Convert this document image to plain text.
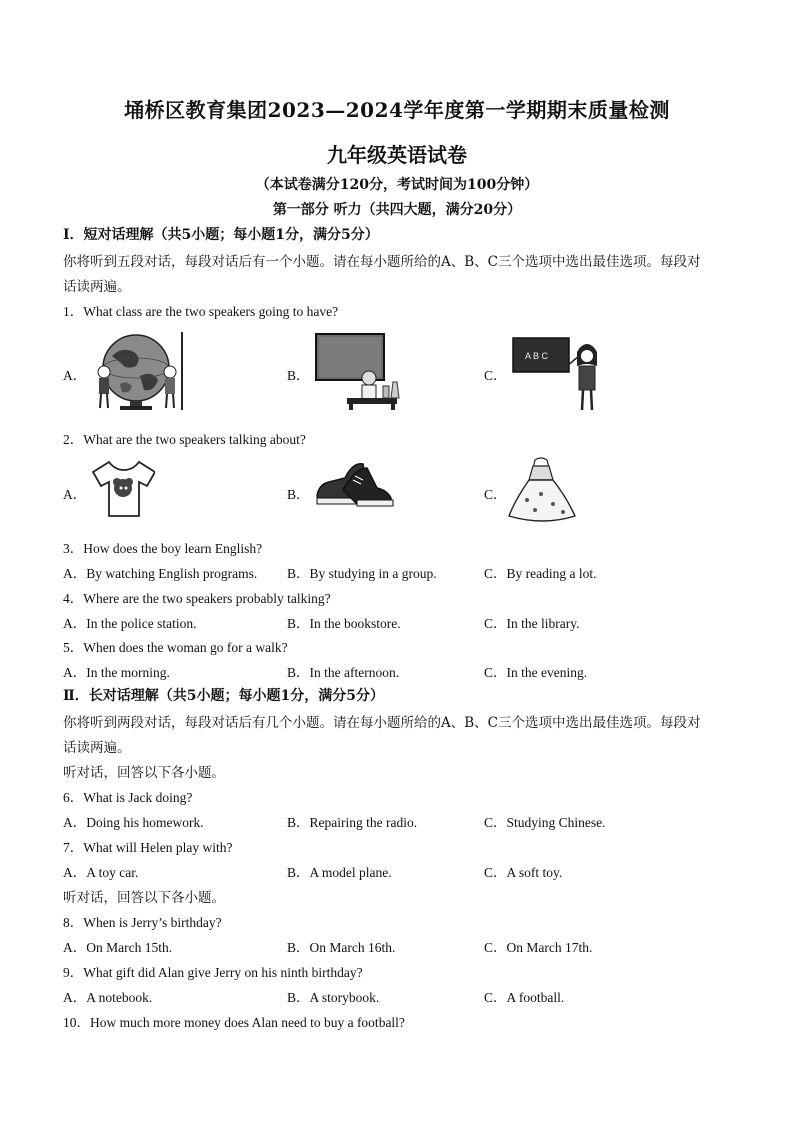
埇桥区教育集团2023—2024学年度第一学期期末质量检测
九年级英语试卷
（本试卷满分120分，考试时间为100分钟）
第一部分 听力（共四大题，满分20分）
Ⅰ．短对话理解（共5小题；每小题1分，满分5分）
你将听到五段对话，每段对话后有一个小题。请在每小题所给的A、B、C三个选项中选出最佳选项。每段对
话读两遍。
1．What class are the two speakers going to have?
A．	B．	C．
A B C
2．What are the two speakers talking about?
A．	B．	C．
3．How does the boy learn English?
A．By watching English programs. B．By studying in a group.	C．By reading a lot.
4．Where are the two speakers probably talking?
A．In the police station.	B．In the bookstore.	C．In the library.
5．When does the woman go for a walk?
A．In the morning.	B．In the afternoon.	C．In the evening.
Ⅱ．长对话理解（共5小题；每小题1分，满分5分）
你将听到两段对话，每段对话后有几个小题。请在每小题所给的A、B、C三个选项中选出最佳选项。每段对
话读两遍。
听对话，回答以下各小题。
6．What is Jack doing?
A．Doing his homework.	B．Repairing the radio.	C．Studying Chinese.
7．What will Helen play with?
A．A toy car.	B．A model plane.	C．A soft toy.
听对话，回答以下各小题。
8．When is Jerry’s birthday?
A．On March 15th.	B．On March 16th.	C．On March 17th.
9．What gift did Alan give Jerry on his ninth birthday?
A．A notebook.	B．A storybook.	C．A football.
10．How much more money does Alan need to buy a football?
